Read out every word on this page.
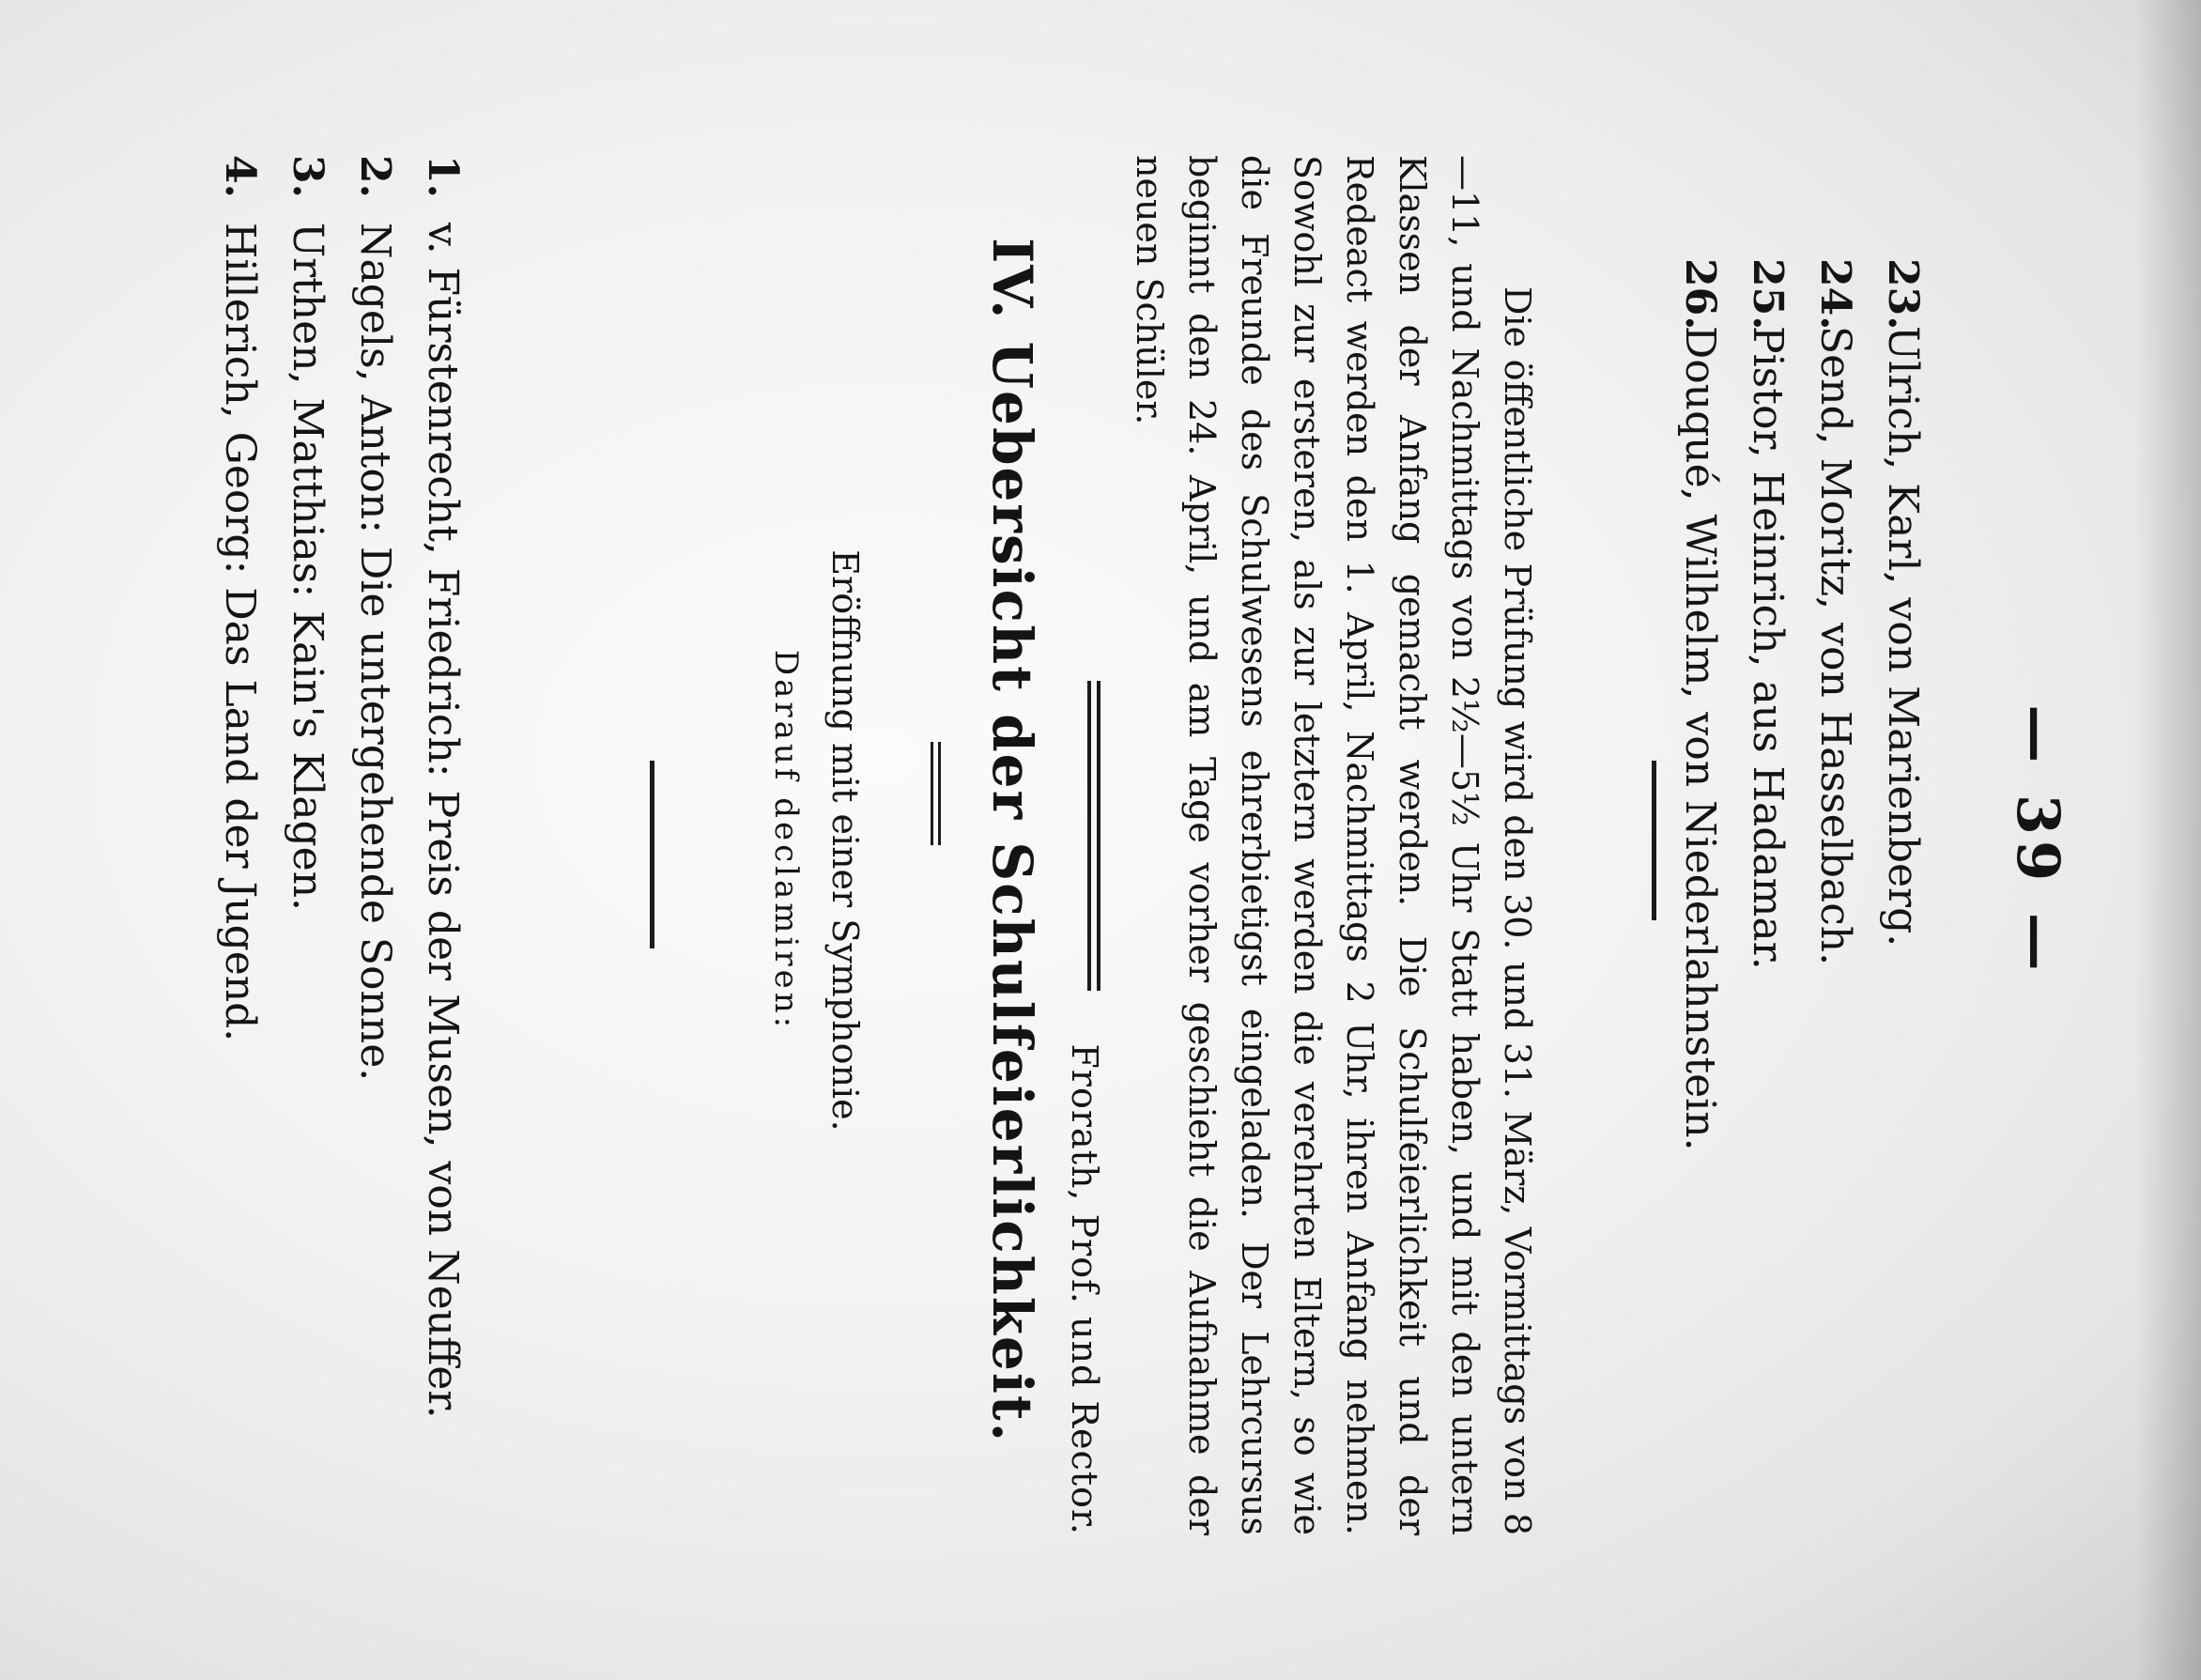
— 39 —
23.Ulrich, Karl, von Marienberg.
24.Send, Moritz, von Hasselbach.
25.Pistor, Heinrich, aus Hadamar.
26.Douqué, Wilhelm, von Niederlahnstein.

Die öffentliche Prüfung wird den 30. und 31. März, Vormittags von 8—11, und Nachmittags von 2½—5½ Uhr Statt haben, und mit den untern Klassen der Anfang gemacht werden. Die Schulfeierlichkeit und der Redeact werden den 1. April, Nachmittags 2 Uhr, ihren Anfang nehmen. Sowohl zur ersteren, als zur letztern werden die verehrten Eltern, so wie die Freunde des Schulwesens ehrerbietigst eingeladen. Der Lehrcursus beginnt den 24. April, und am Tage vorher geschieht die Aufnahme der neuen Schüler.

Frorath, Prof. und Rector.
IV. Uebersicht der Schulfeierlichkeit.
Eröffnung mit einer Symphonie.
Darauf declamiren:
1.v. Fürstenrecht, Friedrich: Preis der Musen, von Neuffer.
2.Nagels, Anton: Die untergehende Sonne.
3.Urthen, Matthias: Kain's Klagen.
4.Hillerich, Georg: Das Land der Jugend.
